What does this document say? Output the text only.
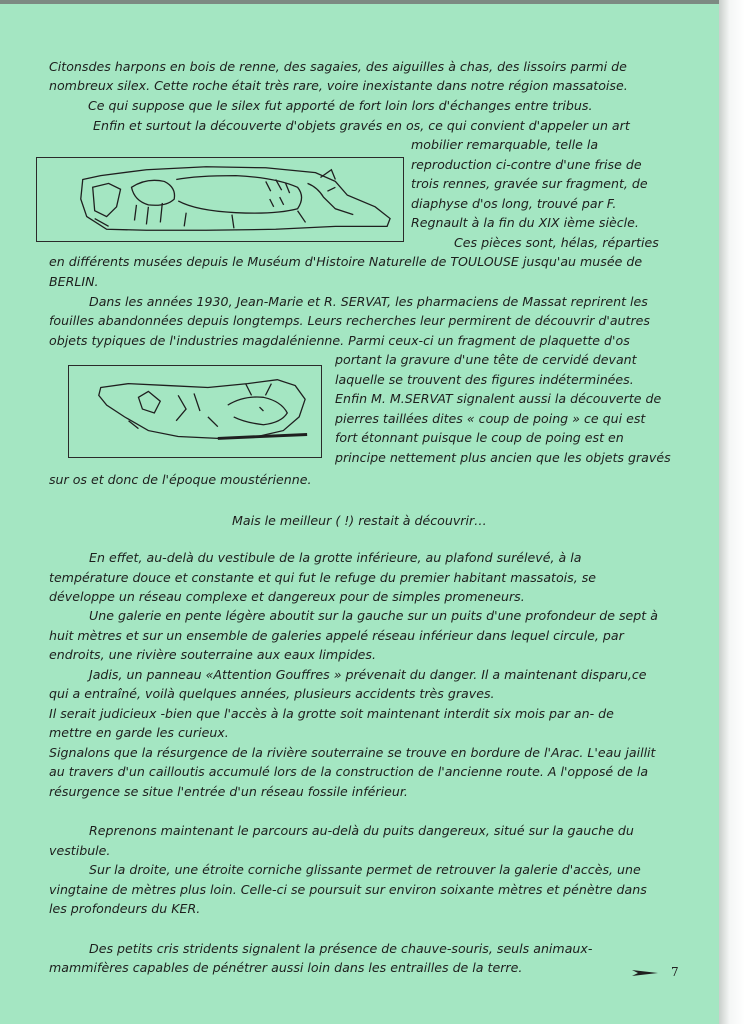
Citonsdes harpons en bois de renne, des sagaies, des aiguilles à chas, des lissoirs parmi de
nombreux silex. Cette roche était très rare, voire inexistante dans notre région massatoise.
Ce qui suppose que le silex fut apporté de fort loin lors d'échanges entre tribus.
Enfin et surtout la découverte d'objets gravés en os, ce qui convient d'appeler un art
mobilier remarquable, telle la
reproduction ci-contre d'une frise de
trois rennes, gravée sur fragment, de
diaphyse d'os long, trouvé par F.
Regnault à la fin du XIX ième siècle.
Ces pièces sont, hélas, réparties
en différents musées depuis le Muséum d'Histoire Naturelle de TOULOUSE jusqu'au musée de
BERLIN.
Dans les années 1930, Jean-Marie et R. SERVAT, les pharmaciens de Massat reprirent les
fouilles abandonnées depuis longtemps. Leurs recherches leur permirent de découvrir d'autres
objets typiques de l'industries magdalénienne. Parmi ceux-ci un fragment de plaquette d'os
portant la gravure d'une tête de cervidé devant
laquelle se trouvent des figures indéterminées.
Enfin M. M.SERVAT signalent aussi la découverte de
pierres taillées dites « coup de poing » ce qui est
fort étonnant puisque le coup de poing est en
principe nettement plus ancien que les objets gravés
sur os et donc de l'époque moustérienne.
Mais le meilleur ( !) restait à découvrir…
En effet, au-delà du vestibule de la grotte inférieure, au plafond surélevé, à la
température douce et constante et qui fut le refuge du premier habitant massatois, se
développe un réseau complexe et dangereux pour de simples promeneurs.
Une galerie en pente légère aboutit sur la gauche sur un puits d'une profondeur de sept à
huit mètres et sur un ensemble de galeries appelé réseau inférieur dans lequel circule, par
endroits, une rivière souterraine aux eaux limpides.
Jadis, un panneau «Attention Gouffres » prévenait du danger. Il a maintenant disparu,ce
qui a entraîné, voilà quelques années, plusieurs accidents très graves.
Il serait judicieux -bien que l'accès à la grotte soit maintenant interdit six mois par an- de
mettre en garde les curieux.
Signalons que la résurgence de la rivière souterraine se trouve en bordure de l'Arac. L'eau jaillit
au travers d'un cailloutis accumulé lors de la construction de l'ancienne route. A l'opposé de la
résurgence se situe l'entrée d'un réseau fossile inférieur.
Reprenons maintenant le parcours au-delà du puits dangereux, situé sur la gauche du
vestibule.
Sur la droite, une étroite corniche glissante permet de retrouver la galerie d'accès, une
vingtaine de mètres plus loin. Celle-ci se poursuit sur environ soixante mètres et pénètre dans
les profondeurs du KER.
Des petits cris stridents signalent la présence de chauve-souris, seuls animaux-
mammifères capables de pénétrer aussi loin dans les entrailles de la terre.	7
